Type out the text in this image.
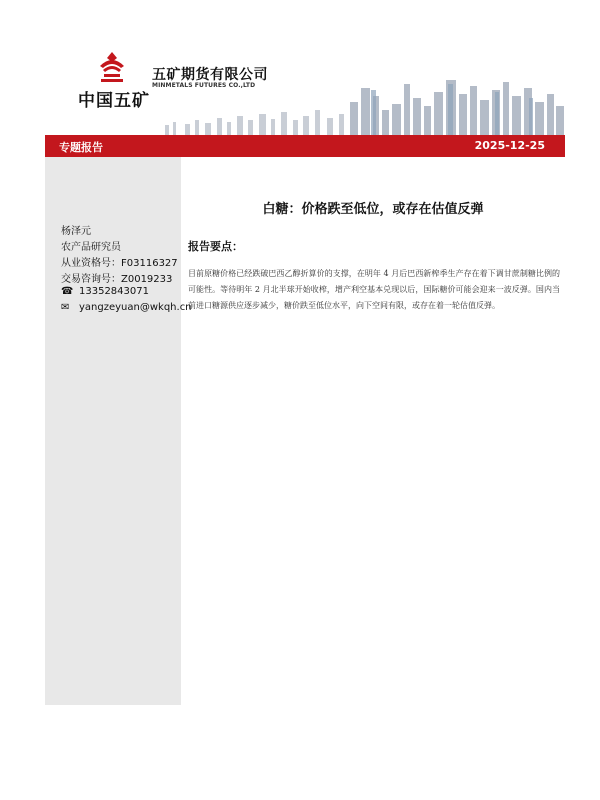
中国五矿
五矿期货有限公司
MINMETALS FUTURES CO.,LTD
专题报告	2025-12-25
杨泽元
农产品研究员
从业资格号：F03116327
交易咨询号：Z0019233
☎ 13352843071
✉ yangzeyuan@wkqh.cn
白糖：价格跌至低位，或存在估值反弹
报告要点：

目前原糖价格已经跌破巴西乙醇折算价的支撑，在明年 4 月后巴西新榨季生产存在着下调甘蔗制糖比例的可能性。等待明年 2 月北半球开始收榨，增产利空基本兑现以后，国际糖价可能会迎来一波反弹。国内当前进口糖源供应逐步减少，糖价跌至低位水平，向下空间有限，或存在着一轮估值反弹。
